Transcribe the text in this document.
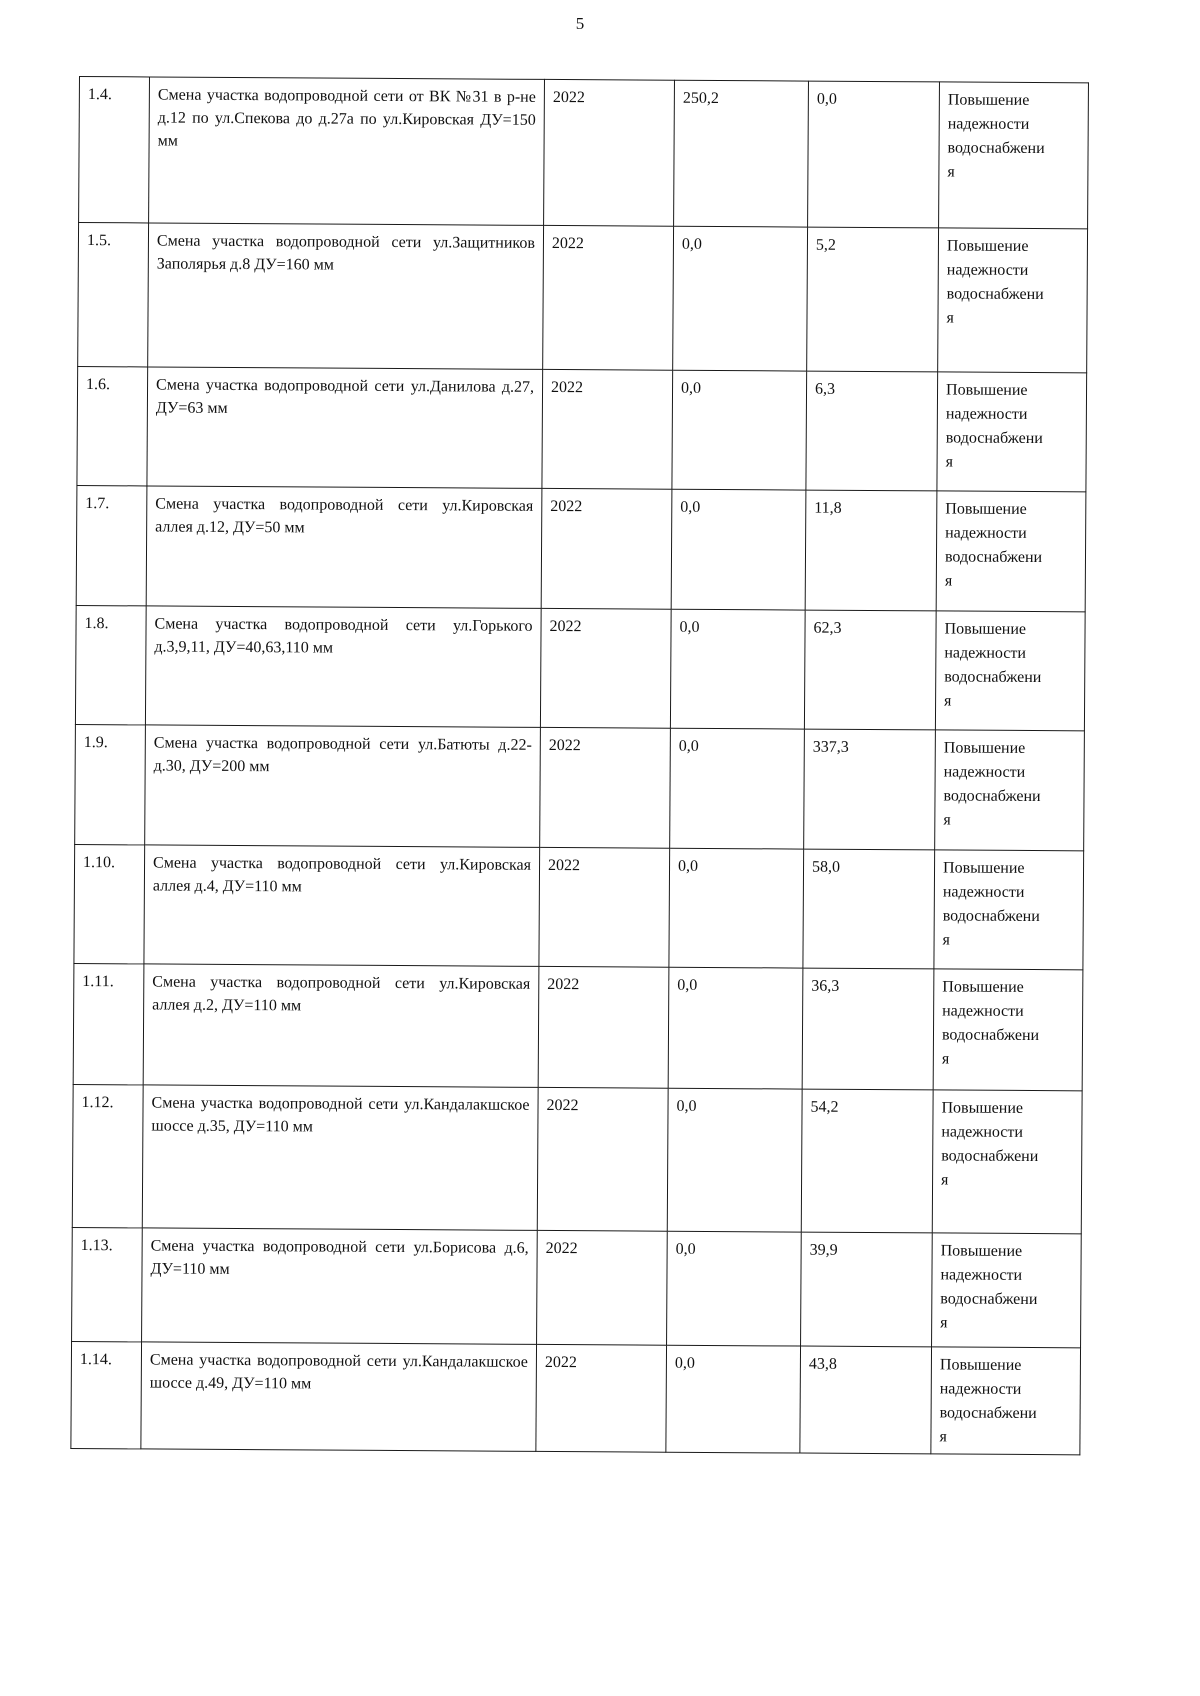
5
1.4.	Смена участка водопроводной сети от ВК №31 в р-не д.12 по ул.Спекова до д.27а по ул.Кировская ДУ=150 мм	2022	250,2	0,0	Повышение
надежности
водоснабжени
я

1.5.	Смена участка водопроводной сети ул.Защитников Заполярья д.8 ДУ=160 мм	2022	0,0	5,2	Повышение
надежности
водоснабжени
я

1.6.	Смена участка водопроводной сети ул.Данилова д.27, ДУ=63 мм	2022	0,0	6,3	Повышение
надежности
водоснабжени
я

1.7.	Смена участка водопроводной сети ул.Кировская аллея д.12, ДУ=50 мм	2022	0,0	11,8	Повышение
надежности
водоснабжени
я

1.8.	Смена участка водопроводной сети ул.Горького д.3,9,11, ДУ=40,63,110 мм	2022	0,0	62,3	Повышение
надежности
водоснабжени
я

1.9.	Смена участка водопроводной сети ул.Батюты д.22- д.30, ДУ=200 мм	2022	0,0	337,3	Повышение
надежности
водоснабжени
я

1.10.	Смена участка водопроводной сети ул.Кировская аллея д.4, ДУ=110 мм	2022	0,0	58,0	Повышение
надежности
водоснабжени
я

1.11.	Смена участка водопроводной сети ул.Кировская аллея д.2, ДУ=110 мм	2022	0,0	36,3	Повышение
надежности
водоснабжени
я

1.12.	Смена участка водопроводной сети ул.Кандалакшское шоссе д.35, ДУ=110 мм	2022	0,0	54,2	Повышение
надежности
водоснабжени
я

1.13.	Смена участка водопроводной сети ул.Борисова д.6, ДУ=110 мм	2022	0,0	39,9	Повышение
надежности
водоснабжени
я

1.14.	Смена участка водопроводной сети ул.Кандалакшское шоссе д.49, ДУ=110 мм	2022	0,0	43,8	Повышение
надежности
водоснабжени
я
